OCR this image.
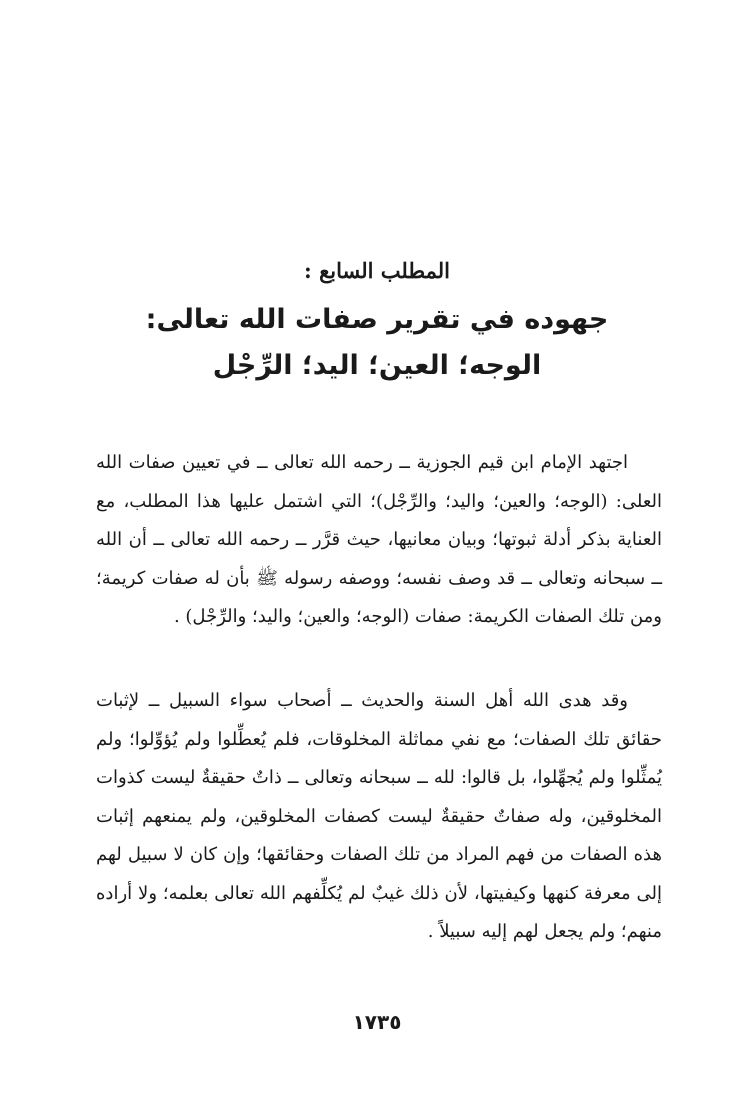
المطلب السابع :
جهوده في تقرير صفات الله تعالى:
الوجه؛ العين؛ اليد؛ الرِّجْل

اجتهد الإمام ابن قيم الجوزية ــ رحمه الله تعالى ــ في تعيين صفات الله العلى: (الوجه؛ والعين؛ واليد؛ والرِّجْل)؛ التي اشتمل عليها هذا المطلب، مع العناية بذكر أدلة ثبوتها؛ وبيان معانيها، حيث قرَّر ــ رحمه الله تعالى ــ أن الله ــ سبحانه وتعالى ــ قد وصف نفسه؛ ووصفه رسوله ﷺ بأن له صفات كريمة؛ ومن تلك الصفات الكريمة: صفات (الوجه؛ والعين؛ واليد؛ والرِّجْل) .

وقد هدى الله أهل السنة والحديث ــ أصحاب سواء السبيل ــ لإثبات حقائق تلك الصفات؛ مع نفي مماثلة المخلوقات، فلم يُعطِّلوا ولم يُؤوِّلوا؛ ولم يُمثِّلوا ولم يُجهِّلوا، بل قالوا: لله ــ سبحانه وتعالى ــ ذاتٌ حقيقةٌ ليست كذوات المخلوقين، وله صفاتٌ حقيقةٌ ليست كصفات المخلوقين، ولم يمنعهم إثبات هذه الصفات من فهم المراد من تلك الصفات وحقائقها؛ وإن كان لا سبيل لهم إلى معرفة كنهها وكيفيتها، لأن ذلك غيبٌ لم يُكلِّفهم الله تعالى بعلمه؛ ولا أراده منهم؛ ولم يجعل لهم إليه سبيلاً .

١٧٣٥
